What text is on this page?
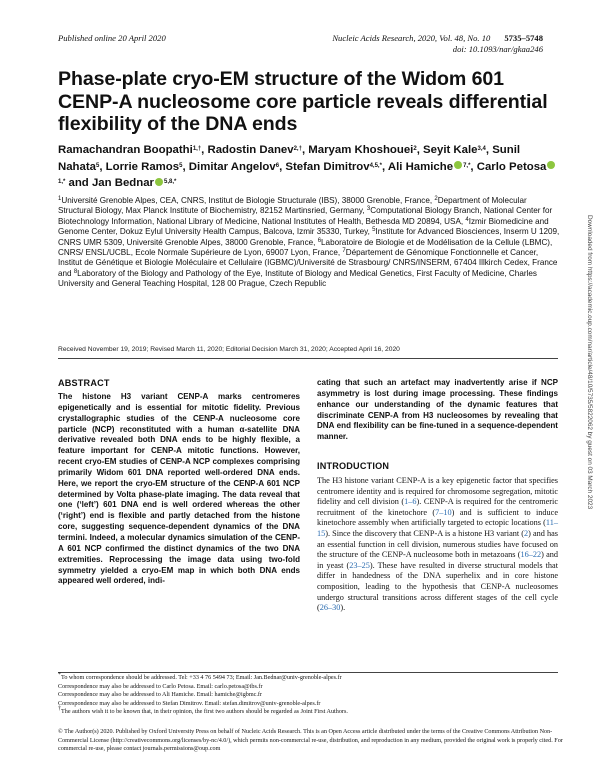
Published online 20 April 2020	Nucleic Acids Research, 2020, Vol. 48, No. 10 5735–5748
doi: 10.1093/nar/gkaa246
Phase-plate cryo-EM structure of the Widom 601 CENP-A nucleosome core particle reveals differential flexibility of the DNA ends
Ramachandran Boopathi$^{1,\dagger}$, Radostin Danev$^{2,\dagger}$, Maryam Khoshouei$^2$, Seyit Kale$^{3,4}$, Sunil Nahata$^5$, Lorrie Ramos$^5$, Dimitar Angelov$^6$, Stefan Dimitrov$^{4,5,*}$, Ali Hamiche $^{7,*}$, Carlo Petosa$^{1,*}$ and Jan Bednar $^{5,8,*}$
$^1$Université Grenoble Alpes, CEA, CNRS, Institut de Biologie Structurale (IBS), 38000 Grenoble, France, $^2$Department of Molecular Structural Biology, Max Planck Institute of Biochemistry, 82152 Martinsried, Germany, $^3$Computational Biology Branch, National Center for Biotechnology Information, National Library of Medicine, National Institutes of Health, Bethesda MD 20894, USA, $^4$Izmir Biomedicine and Genome Center, Dokuz Eylul University Health Campus, Balcova, Izmir 35330, Turkey, $^5$Institute for Advanced Biosciences, Inserm U 1209, CNRS UMR 5309, Université Grenoble Alpes, 38000 Grenoble, France, $^6$Laboratoire de Biologie et de Modélisation de la Cellule (LBMC), CNRS/ ENSL/UCBL, Ecole Normale Supérieure de Lyon, 69007 Lyon, France, $^7$Département de Génomique Fonctionnelle et Cancer, Institut de Génétique et Biologie Moléculaire et Cellulaire (IGBMC)/Université de Strasbourg/ CNRS/INSERM, 67404 Illkirch Cedex, France and $^8$Laboratory of the Biology and Pathology of the Eye, Institute of Biology and Medical Genetics, First Faculty of Medicine, Charles University and General Teaching Hospital, 128 00 Prague, Czech Republic
Received November 19, 2019; Revised March 11, 2020; Editorial Decision March 31, 2020; Accepted April 16, 2020
ABSTRACT
The histone H3 variant CENP-A marks centromeres epigenetically and is essential for mitotic fidelity. Previous crystallographic studies of the CENP-A nucleosome core particle (NCP) reconstituted with a human α-satellite DNA derivative revealed both DNA ends to be highly flexible, a feature important for CENP-A mitotic functions. However, recent cryo-EM studies of CENP-A NCP complexes comprising primarily Widom 601 DNA reported well-ordered DNA ends. Here, we report the cryo-EM structure of the CENP-A 601 NCP determined by Volta phase-plate imaging. The data reveal that one (‘left’) 601 DNA end is well ordered whereas the other (‘right’) end is flexible and partly detached from the histone core, suggesting sequence-dependent dynamics of the DNA termini. Indeed, a molecular dynamics simulation of the CENP-A 601 NCP confirmed the distinct dynamics of the two DNA extremities. Reprocessing the image data using two-fold symmetry yielded a cryo-EM map in which both DNA ends appeared well ordered, indi-
cating that such an artefact may inadvertently arise if NCP asymmetry is lost during image processing. These findings enhance our understanding of the dynamic features that discriminate CENP-A from H3 nucleosomes by revealing that DNA end flexibility can be fine-tuned in a sequence-dependent manner.
INTRODUCTION
The H3 histone variant CENP-A is a key epigenetic factor that specifies centromere identity and is required for chromosome segregation, mitotic fidelity and cell division (1–6). CENP-A is required for the centromeric recruitment of the kinetochore (7–10) and is sufficient to induce kinetochore assembly when artificially targeted to ectopic locations (11–15). Since the discovery that CENP-A is a histone H3 variant (2) and has an essential function in cell division, numerous studies have focused on the structure of the CENP-A nucleosome both in metazoans (16–22) and in yeast (23–25). These have resulted in diverse structural models that differ in handedness of the DNA superhelix and in core histone composition, leading to the hypothesis that CENP-A nucleosomes undergo structural transitions across different stages of the cell cycle (26–30).
*To whom correspondence should be addressed. Tel: +33 4 76 5494 73; Email: Jan.Bednar@univ-grenoble-alpes.fr
Correspondence may also be addressed to Carlo Petosa. Email: carlo.petosa@ibs.fr
Correspondence may also be addressed to Ali Hamiche. Email: hamiche@igbmc.fr
Correspondence may also be addressed to Stefan Dimitrov. Email: stefan.dimitrov@univ-grenoble-alpes.fr
†The authors wish it to be known that, in their opinion, the first two authors should be regarded as Joint First Authors.
© The Author(s) 2020. Published by Oxford University Press on behalf of Nucleic Acids Research. This is an Open Access article distributed under the terms of the Creative Commons Attribution Non-Commercial License (http://creativecommons.org/licenses/by-nc/4.0/), which permits non-commercial re-use, distribution, and reproduction in any medium, provided the original work is properly cited. For commercial re-use, please contact journals.permissions@oup.com
Downloaded from https://academic.oup.com/nar/article/48/10/5735/5822062 by guest on 03 March 2023
